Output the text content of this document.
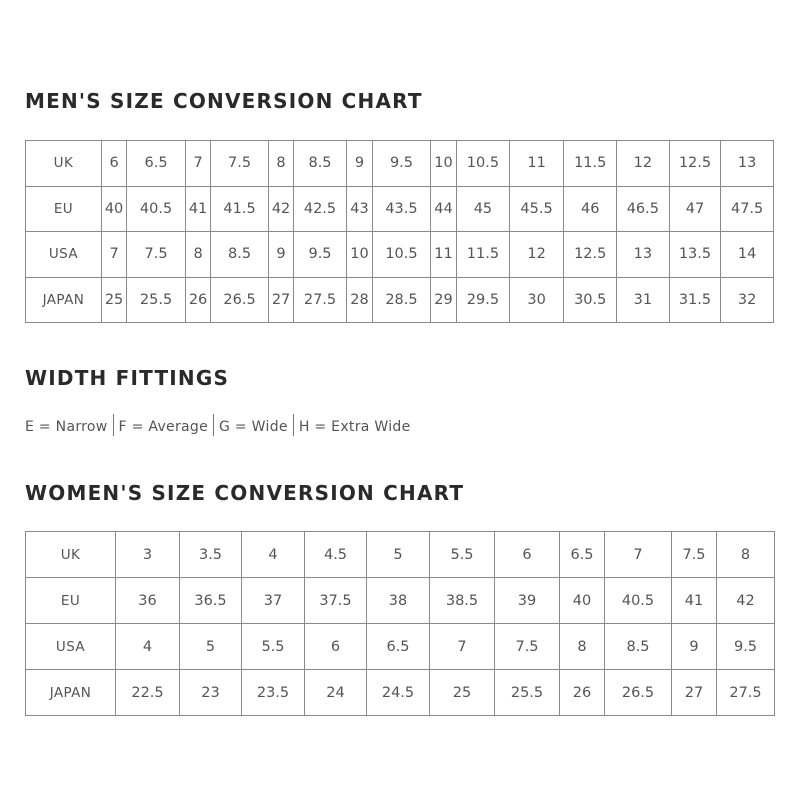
MEN'S SIZE CONVERSION CHART
UK	6	6.5	7	7.5	8	8.5	9	9.5	10	10.5	11	11.5	12	12.5	13
EU	40	40.5	41	41.5	42	42.5	43	43.5	44	45	45.5	46	46.5	47	47.5
USA	7	7.5	8	8.5	9	9.5	10	10.5	11	11.5	12	12.5	13	13.5	14
JAPAN	25	25.5	26	26.5	27	27.5	28	28.5	29	29.5	30	30.5	31	31.5	32
WIDTH FITTINGS
E = Narrow F = Average G = Wide H = Extra Wide
WOMEN'S SIZE CONVERSION CHART
UK	3	3.5	4	4.5	5	5.5	6	6.5	7	7.5	8
EU	36	36.5	37	37.5	38	38.5	39	40	40.5	41	42
USA	4	5	5.5	6	6.5	7	7.5	8	8.5	9	9.5
JAPAN	22.5	23	23.5	24	24.5	25	25.5	26	26.5	27	27.5
